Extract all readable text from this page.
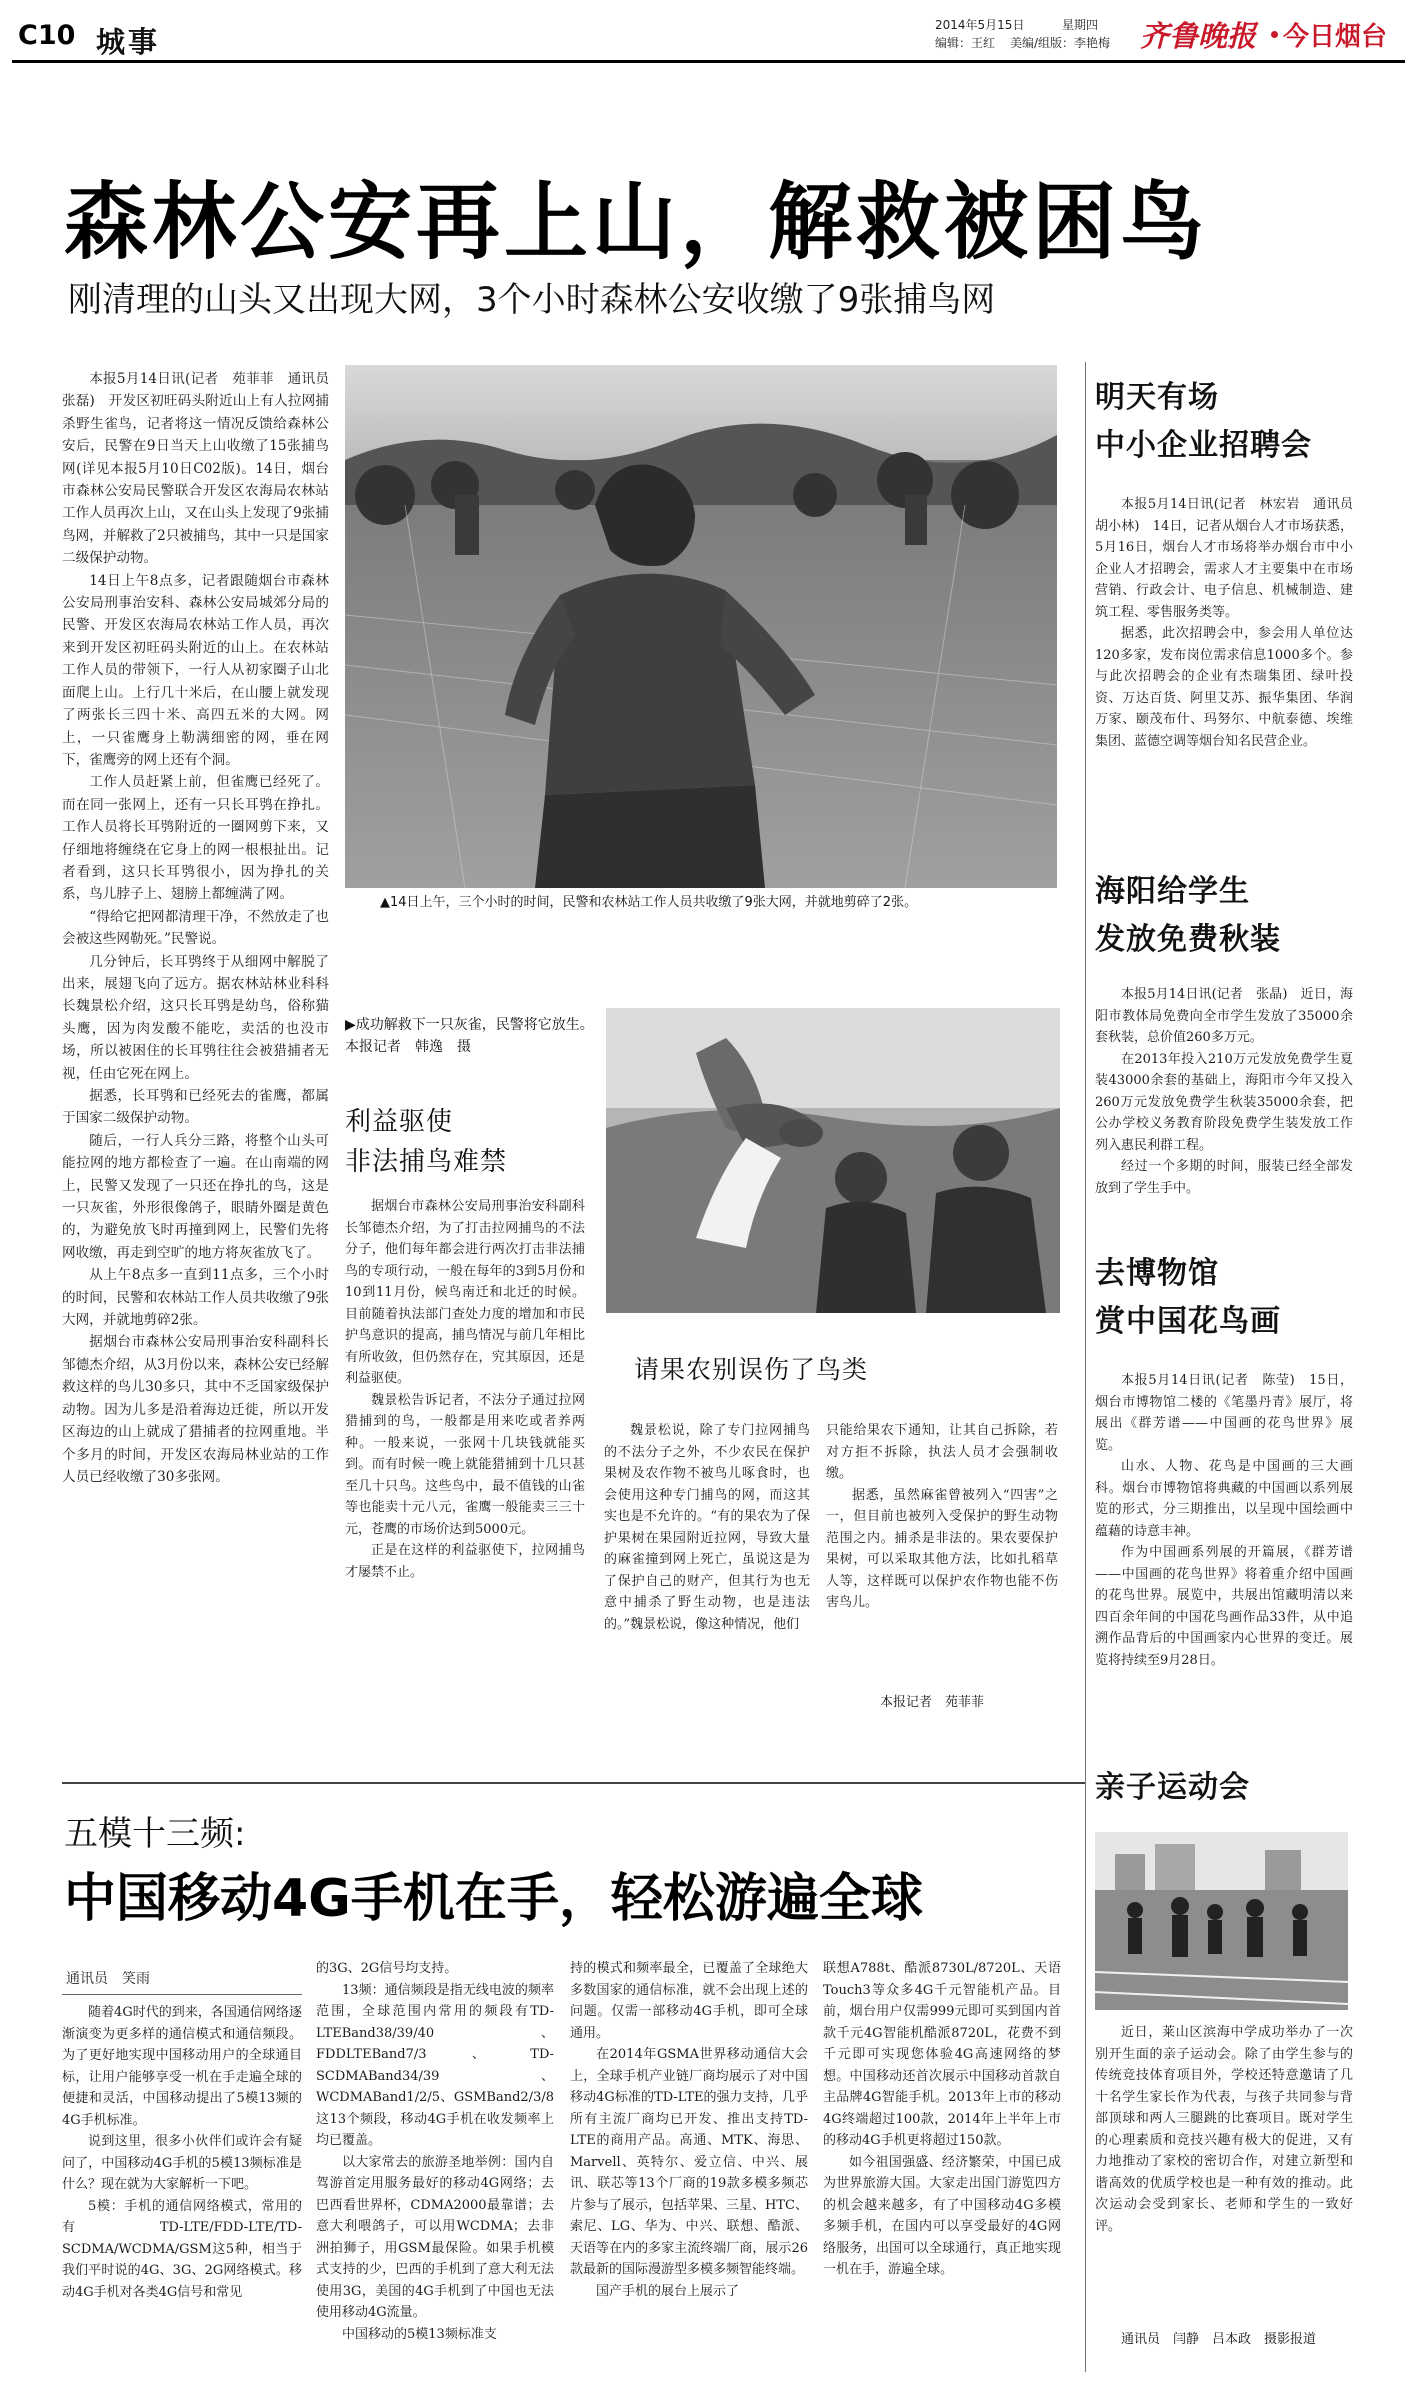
C10 城事	2014年5月15日	星期四
编辑：王红 美编/组版：李艳梅 齐鲁晚报 今日烟台
森林公安再上山，解救被困鸟
刚清理的山头又出现大网，3个小时森林公安收缴了9张捕鸟网

本报5月14日讯(记者　苑菲菲　通讯员　张磊)　开发区初旺码头附近山上有人拉网捕杀野生雀鸟，记者将这一情况反馈给森林公安后，民警在9日当天上山收缴了15张捕鸟网(详见本报5月10日C02版)。14日，烟台市森林公安局民警联合开发区农海局农林站工作人员再次上山，又在山头上发现了9张捕鸟网，并解救了2只被捕鸟，其中一只是国家二级保护动物。

14日上午8点多，记者跟随烟台市森林公安局刑事治安科、森林公安局城郊分局的民警、开发区农海局农林站工作人员，再次来到开发区初旺码头附近的山上。在农林站工作人员的带领下，一行人从初家圈子山北面爬上山。上行几十米后，在山腰上就发现了两张长三四十米、高四五米的大网。网上，一只雀鹰身上勒满细密的网，垂在网下，雀鹰旁的网上还有个洞。

工作人员赶紧上前，但雀鹰已经死了。而在同一张网上，还有一只长耳鸮在挣扎。工作人员将长耳鸮附近的一圈网剪下来，又仔细地将缠绕在它身上的网一根根扯出。记者看到，这只长耳鸮很小，因为挣扎的关系，鸟儿脖子上、翅膀上都缠满了网。

“得给它把网都清理干净，不然放走了也会被这些网勒死。”民警说。

几分钟后，长耳鸮终于从细网中解脱了出来，展翅飞向了远方。据农林站林业科科长魏景松介绍，这只长耳鸮是幼鸟，俗称猫头鹰，因为肉发酸不能吃，卖活的也没市场，所以被困住的长耳鸮往往会被猎捕者无视，任由它死在网上。

据悉，长耳鸮和已经死去的雀鹰，都属于国家二级保护动物。

随后，一行人兵分三路，将整个山头可能拉网的地方都检查了一遍。在山南端的网上，民警又发现了一只还在挣扎的鸟，这是一只灰雀，外形很像鸽子，眼睛外圈是黄色的，为避免放飞时再撞到网上，民警们先将网收缴，再走到空旷的地方将灰雀放飞了。

从上午8点多一直到11点多，三个小时的时间，民警和农林站工作人员共收缴了9张大网，并就地剪碎2张。

据烟台市森林公安局刑事治安科副科长邹德杰介绍，从3月份以来，森林公安已经解救这样的鸟儿30多只，其中不乏国家级保护动物。因为儿多是沿着海边迁徙，所以开发区海边的山上就成了猎捕者的拉网重地。半个多月的时间，开发区农海局林业站的工作人员已经收缴了30多张网。

▲14日上午，三个小时的时间，民警和农林站工作人员共收缴了9张大网，并就地剪碎了2张。
▶成功解救下一只灰雀，民警将它放生。　本报记者　韩逸　摄
利益驱使
非法捕鸟难禁

据烟台市森林公安局刑事治安科副科长邹德杰介绍，为了打击拉网捕鸟的不法分子，他们每年都会进行两次打击非法捕鸟的专项行动，一般在每年的3到5月份和10到11月份，候鸟南迁和北迁的时候。目前随着执法部门查处力度的增加和市民护鸟意识的提高，捕鸟情况与前几年相比有所收敛，但仍然存在，究其原因，还是利益驱使。

魏景松告诉记者，不法分子通过拉网猎捕到的鸟，一般都是用来吃或者养两种。一般来说，一张网十几块钱就能买到。而有时候一晚上就能猎捕到十几只甚至几十只鸟。这些鸟中，最不值钱的山雀等也能卖十元八元，雀鹰一般能卖三三十元，苍鹰的市场价达到5000元。

正是在这样的利益驱使下，拉网捕鸟才屡禁不止。

请果农别误伤了鸟类

魏景松说，除了专门拉网捕鸟的不法分子之外，不少农民在保护果树及农作物不被鸟儿啄食时，也会使用这种专门捕鸟的网，而这其实也是不允许的。“有的果农为了保护果树在果园附近拉网，导致大量的麻雀撞到网上死亡，虽说这是为了保护自己的财产，但其行为也无意中捕杀了野生动物，也是违法的。”魏景松说，像这种情况，他们

只能给果农下通知，让其自己拆除，若对方拒不拆除，执法人员才会强制收缴。

据悉，虽然麻雀曾被列入“四害”之一，但目前也被列入受保护的野生动物范围之内。捕杀是非法的。果农要保护果树，可以采取其他方法，比如扎稻草人等，这样既可以保护农作物也能不伤害鸟儿。

本报记者　苑菲菲
明天有场
中小企业招聘会

本报5月14日讯(记者　林宏岩　通讯员　胡小林)　14日，记者从烟台人才市场获悉，5月16日，烟台人才市场将举办烟台市中小企业人才招聘会，需求人才主要集中在市场营销、行政会计、电子信息、机械制造、建筑工程、零售服务类等。

据悉，此次招聘会中，参会用人单位达120多家，发布岗位需求信息1000多个。参与此次招聘会的企业有杰瑞集团、绿叶投资、万达百货、阿里艾苏、振华集团、华润万家、颐茂布什、玛努尔、中航泰德、埃维集团、蓝德空调等烟台知名民营企业。

海阳给学生
发放免费秋装

本报5月14日讯(记者　张晶)　近日，海阳市教体局免费向全市学生发放了35000余套秋装，总价值260多万元。

在2013年投入210万元发放免费学生夏装43000余套的基础上，海阳市今年又投入260万元发放免费学生秋装35000余套，把公办学校义务教育阶段免费学生装发放工作列入惠民利群工程。

经过一个多期的时间，服装已经全部发放到了学生手中。

去博物馆
赏中国花鸟画

本报5月14日讯(记者　陈莹)　15日，烟台市博物馆二楼的《笔墨丹青》展厅，将展出《群芳谱——中国画的花鸟世界》展览。

山水、人物、花鸟是中国画的三大画科。烟台市博物馆将典藏的中国画以系列展览的形式，分三期推出，以呈现中国绘画中蕴藉的诗意丰神。

作为中国画系列展的开篇展，《群芳谱——中国画的花鸟世界》将着重介绍中国画的花鸟世界。展览中，共展出馆藏明清以来四百余年间的中国花鸟画作品33件，从中追溯作品背后的中国画家内心世界的变迁。展览将持续至9月28日。

亲子运动会

近日，莱山区滨海中学成功举办了一次别开生面的亲子运动会。除了由学生参与的传统竞技体育项目外，学校还特意邀请了几十名学生家长作为代表，与孩子共同参与背部顶球和两人三腿跳的比赛项目。既对学生的心理素质和竞技兴趣有极大的促进，又有力地推动了家校的密切合作，对建立新型和谐高效的优质学校也是一种有效的推动。此次运动会受到家长、老师和学生的一致好评。

通讯员　闫静　吕本政　摄影报道
五模十三频:
中国移动4G手机在手，轻松游遍全球
通讯员　笑雨

随着4G时代的到来，各国通信网络逐渐演变为更多样的通信模式和通信频段。为了更好地实现中国移动用户的全球通目标，让用户能够享受一机在手走遍全球的便捷和灵活，中国移动提出了5模13频的4G手机标准。

说到这里，很多小伙伴们或许会有疑问了，中国移动4G手机的5模13频标准是什么？现在就为大家解析一下吧。

5模：手机的通信网络模式，常用的有TD-LTE/FDD-LTE/TD-SCDMA/WCDMA/GSM这5种，相当于我们平时说的4G、3G、2G网络模式。移动4G手机对各类4G信号和常见

的3G、2G信号均支持。

13频：通信频段是指无线电波的频率范围，全球范围内常用的频段有TD-LTEBand38/39/40、FDDLTEBand7/3、TD-SCDMABand34/39、WCDMABand1/2/5、GSMBand2/3/8这13个频段，移动4G手机在收发频率上均已覆盖。

以大家常去的旅游圣地举例：国内自驾游首定用服务最好的移动4G网络；去巴西看世界杯，CDMA2000最靠谱；去意大利喂鸽子，可以用WCDMA；去非洲拍狮子，用GSM最保险。如果手机模式支持的少，巴西的手机到了意大利无法使用3G，美国的4G手机到了中国也无法使用移动4G流量。

中国移动的5模13频标准支

持的模式和频率最全，已覆盖了全球绝大多数国家的通信标准，就不会出现上述的问题。仅需一部移动4G手机，即可全球通用。

在2014年GSMA世界移动通信大会上，全球手机产业链厂商均展示了对中国移动4G标准的TD-LTE的强力支持，几乎所有主流厂商均已开发、推出支持TD-LTE的商用产品。高通、MTK、海思、Marvell、英特尔、爱立信、中兴、展讯、联芯等13个厂商的19款多模多频芯片参与了展示，包括苹果、三星、HTC、索尼、LG、华为、中兴、联想、酷派、天语等在内的多家主流终端厂商，展示26款最新的国际漫游型多模多频智能终端。

国产手机的展台上展示了

联想A788t、酷派8730L/8720L、天语Touch3等众多4G千元智能机产品。目前，烟台用户仅需999元即可买到国内首款千元4G智能机酷派8720L，花费不到千元即可实现您体验4G高速网络的梦想。中国移动还首次展示中国移动首款自主品牌4G智能手机。2013年上市的移动4G终端超过100款，2014年上半年上市的移动4G手机更将超过150款。

如今祖国强盛、经济繁荣，中国已成为世界旅游大国。大家走出国门游览四方的机会越来越多，有了中国移动4G多模多频手机，在国内可以享受最好的4G网络服务，出国可以全球通行，真正地实现一机在手，游遍全球。
